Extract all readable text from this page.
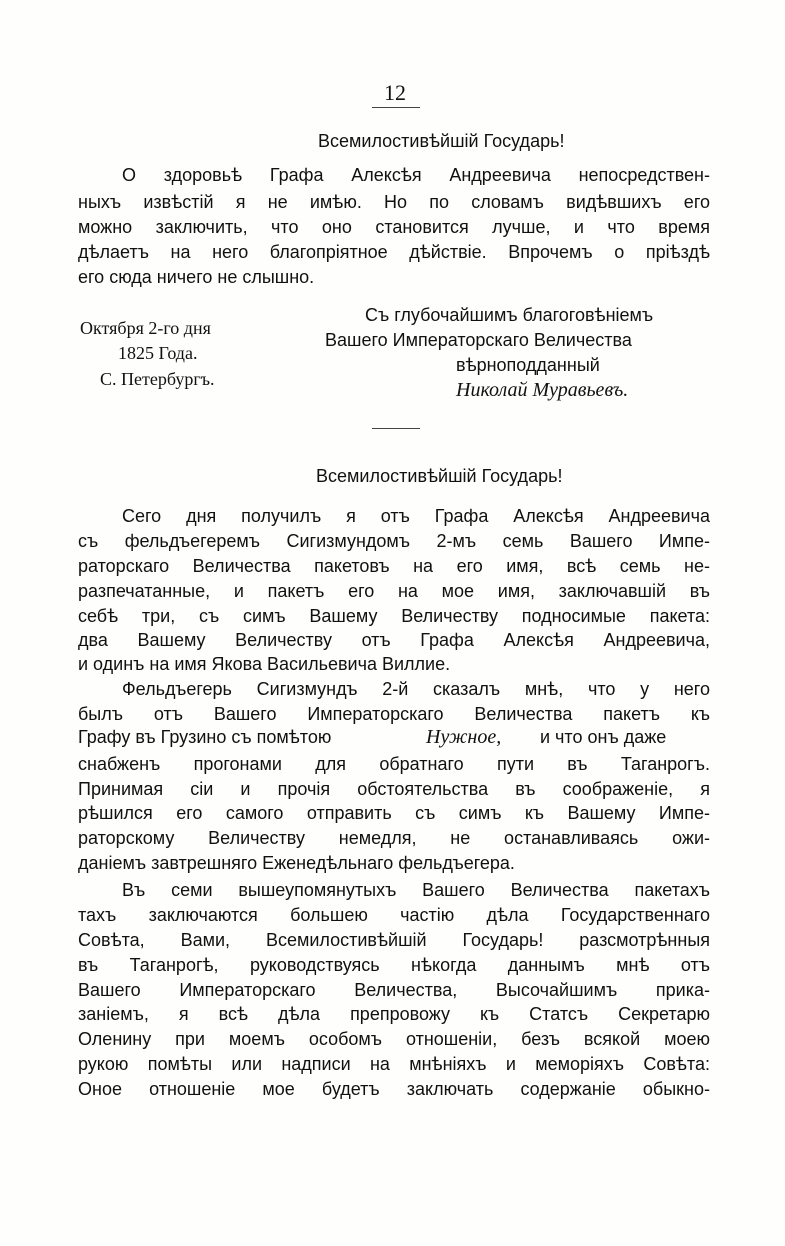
12
Всемилостивѣйшій Государь!
О здоровьѣ Графа Алексѣя Андреевича непосредствен-
ныхъ извѣстій я не имѣю. Но по словамъ видѣвшихъ его
можно заключить, что оно становится лучше, и что время
дѣлаетъ на него благопріятное дѣйствіе. Впрочемъ о пріѣздѣ
его сюда ничего не слышно.
Октября 2-го дня
1825 Года.
С. Петербургъ.
Съ глубочайшимъ благоговѣніемъ
Вашего Императорскаго Величества
вѣрноподданный
Николай Муравьевъ.
Всемилостивѣйшій Государь!
Сего дня получилъ я отъ Графа Алексѣя Андреевича
съ фельдъегеремъ Сигизмундомъ 2-мъ семь Вашего Импе-
раторскаго Величества пакетовъ на его имя, всѣ семь не-
разпечатанные, и пакетъ его на мое имя, заключавшій въ
себѣ три, съ симъ Вашему Величеству подносимые пакета:
два Вашему Величеству отъ Графа Алексѣя Андреевича,
и одинъ на имя Якова Васильевича Виллие.
Фельдъегерь Сигизмундъ 2-й сказалъ мнѣ, что у него
былъ отъ Вашего Императорскаго Величества пакетъ къ
Графу въ Грузино съ помѣтою	Нужное, и что онъ даже
снабженъ прогонами для обратнаго пути въ Таганрогъ.
Принимая сіи и прочія обстоятельства въ соображеніе, я
рѣшился его самого отправить съ симъ къ Вашему Импе-
раторскому Величеству немедля, не останавливаясь ожи-
даніемъ завтрешняго Еженедѣльнаго фельдъегера.
Въ семи вышеупомянутыхъ Вашего Величества пакетахъ
тахъ заключаются большею частію дѣла Государственнаго
Совѣта, Вами, Всемилостивѣйшій Государь! разсмотрѣнныя
въ Таганрогѣ, руководствуясь нѣкогда даннымъ мнѣ отъ
Вашего Императорскаго Величества, Высочайшимъ прика-
заніемъ, я всѣ дѣла препровожу къ Статсъ Секретарю
Оленину при моемъ особомъ отношеніи, безъ всякой моею
рукою помѣты или надписи на мнѣніяхъ и меморіяхъ Совѣта:
Оное отношеніе мое будетъ заключать содержаніе обыкно-
